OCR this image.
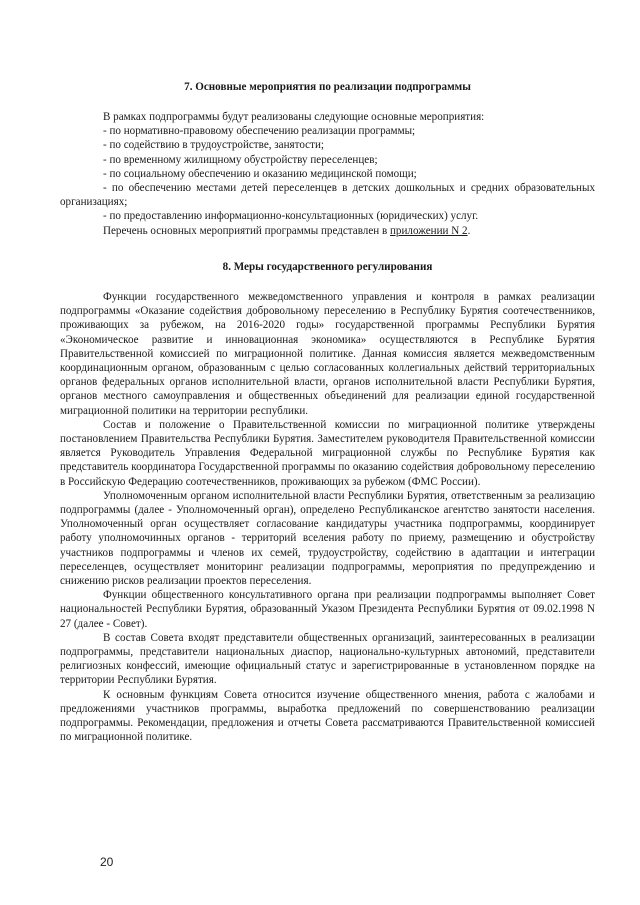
7. Основные мероприятия по реализации подпрограммы

В рамках подпрограммы будут реализованы следующие основные мероприятия:

- по нормативно-правовому обеспечению реализации программы;

- по содействию в трудоустройстве, занятости;

- по временному жилищному обустройству переселенцев;

- по социальному обеспечению и оказанию медицинской помощи;

- по обеспечению местами детей переселенцев в детских дошкольных и средних образовательных организациях;

- по предоставлению информационно-консультационных (юридических) услуг.

Перечень основных мероприятий программы представлен в приложении N 2.

8. Меры государственного регулирования

Функции государственного межведомственного управления и контроля в рамках реализации подпрограммы «Оказание содействия добровольному переселению в Республику Бурятия соотечественников, проживающих за рубежом, на 2016-2020 годы» государственной программы Республики Бурятия «Экономическое развитие и инновационная экономика» осуществляются в Республике Бурятия Правительственной комиссией по миграционной политике. Данная комиссия является межведомственным координационным органом, образованным с целью согласованных коллегиальных действий территориальных органов федеральных органов исполнительной власти, органов исполнительной власти Республики Бурятия, органов местного самоуправления и общественных объединений для реализации единой государственной миграционной политики на территории республики.

Состав и положение о Правительственной комиссии по миграционной политике утверждены постановлением Правительства Республики Бурятия. Заместителем руководителя Правительственной комиссии является Руководитель Управления Федеральной миграционной службы по Республике Бурятия как представитель координатора Государственной программы по оказанию содействия добровольному переселению в Российскую Федерацию соотечественников, проживающих за рубежом (ФМС России).

Уполномоченным органом исполнительной власти Республики Бурятия, ответственным за реализацию подпрограммы (далее - Уполномоченный орган), определено Республиканское агентство занятости населения. Уполномоченный орган осуществляет согласование кандидатуры участника подпрограммы, координирует работу уполномочинных органов - территорий вселения работу по приему, размещению и обустройству участников подпрограммы и членов их семей, трудоустройству, содействию в адаптации и интеграции переселенцев, осуществляет мониторинг реализации подпрограммы, мероприятия по предупреждению и снижению рисков реализации проектов переселения.

Функции общественного консультативного органа при реализации подпрограммы выполняет Совет национальностей Республики Бурятия, образованный Указом Президента Республики Бурятия от 09.02.1998 N 27 (далее - Совет).

В состав Совета входят представители общественных организаций, заинтересованных в реализации подпрограммы, представители национальных диаспор, национально-культурных автономий, представители религиозных конфессий, имеющие официальный статус и зарегистрированные в установленном порядке на территории Республики Бурятия.

К основным функциям Совета относится изучение общественного мнения, работа с жалобами и предложениями участников программы, выработка предложений по совершенствованию реализации подпрограммы. Рекомендации, предложения и отчеты Совета рассматриваются Правительственной комиссией по миграционной политике.

20
